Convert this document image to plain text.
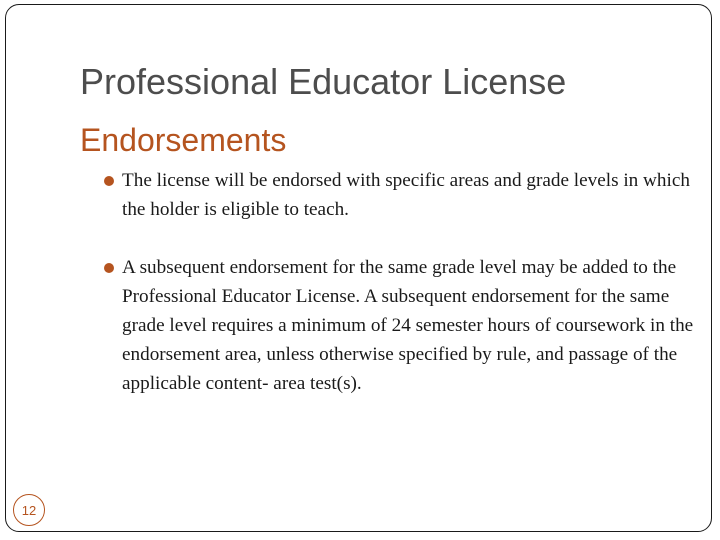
Professional Educator License
Endorsements
The license will be endorsed with specific areas and grade levels in which the holder is eligible to teach.
A subsequent endorsement for the same grade level may be added to the Professional Educator License. A subsequent endorsement for the same grade level requires a minimum of 24 semester hours of coursework in the endorsement area, unless otherwise specified by rule, and passage of the applicable content- area test(s).
12
